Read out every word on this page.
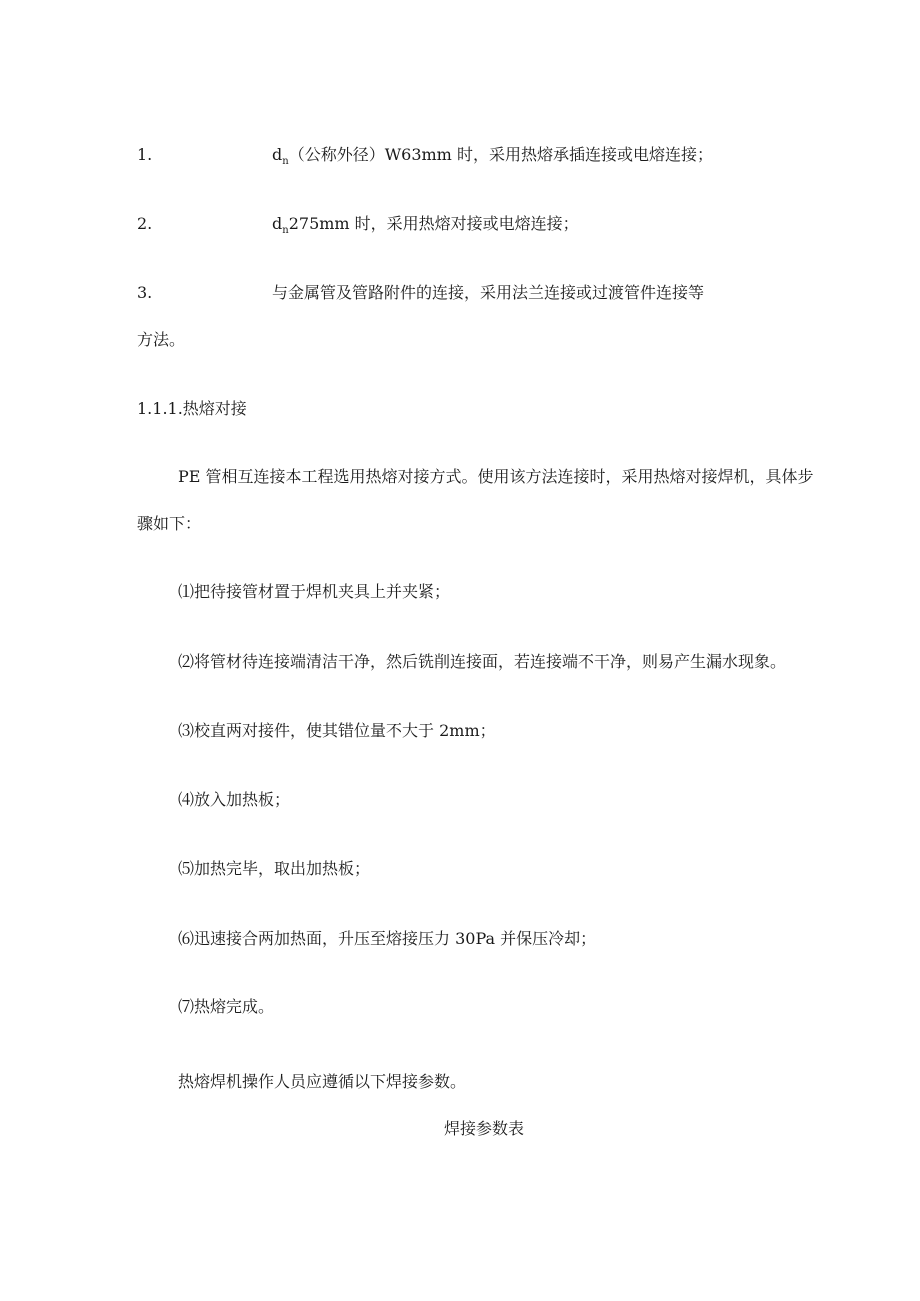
1.	$d_n$（公称外径）W63mm 时，采用热熔承插连接或电熔连接；
2.	$d_n275mm$ 时，采用热熔对接或电熔连接；
3.	与金属管及管路附件的连接，采用法兰连接或过渡管件连接等
方法。
1.1.1.热熔对接
PE 管相互连接本工程选用热熔对接方式。使用该方法连接时，采用热熔对接焊机，具体步
骤如下：
⑴把待接管材置于焊机夹具上并夹紧；
⑵将管材待连接端清洁干净，然后铣削连接面，若连接端不干净，则易产生漏水现象。
⑶校直两对接件，使其错位量不大于 2mm；
⑷放入加热板；
⑸加热完毕，取出加热板；
⑹迅速接合两加热面，升压至熔接压力 30Pa 并保压冷却；
⑺热熔完成。
热熔焊机操作人员应遵循以下焊接参数。
焊接参数表
